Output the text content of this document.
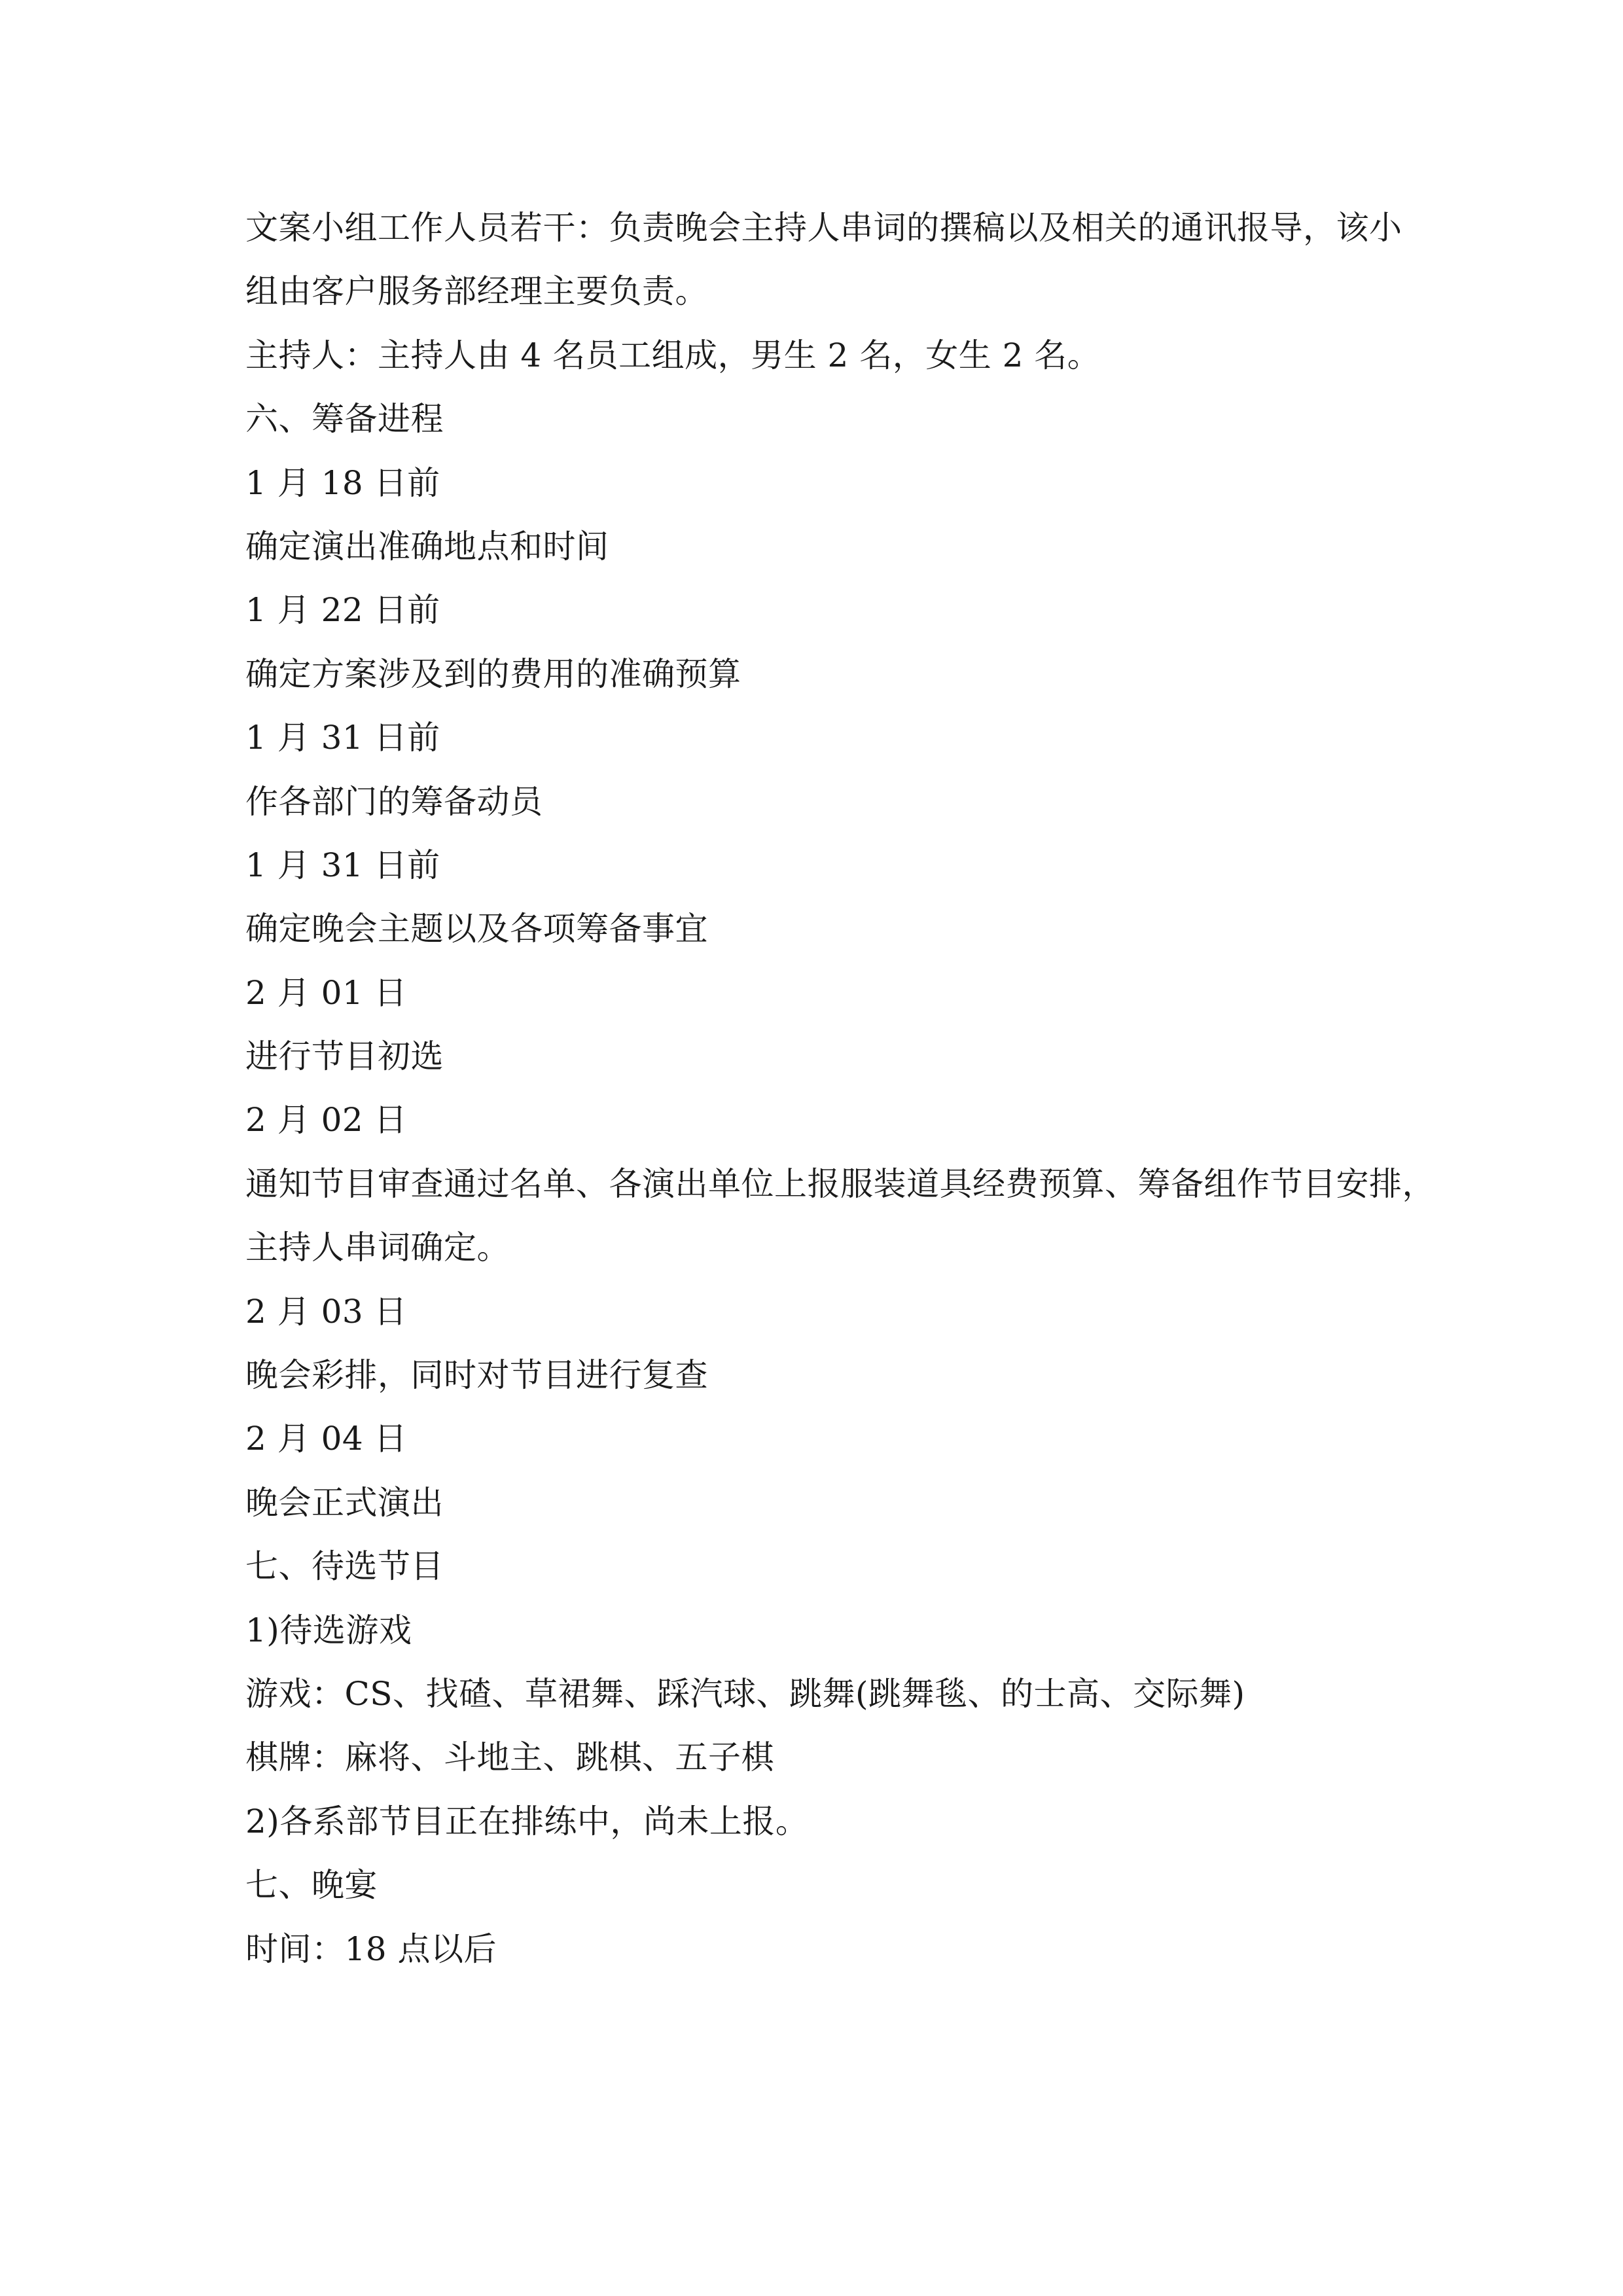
文案小组工作人员若干：负责晚会主持人串词的撰稿以及相关的通讯报导，该小
组由客户服务部经理主要负责。
主持人：主持人由 4 名员工组成，男生 2 名，女生 2 名。
六、筹备进程
1 月 18 日前
确定演出准确地点和时间
1 月 22 日前
确定方案涉及到的费用的准确预算
1 月 31 日前
作各部门的筹备动员
1 月 31 日前
确定晚会主题以及各项筹备事宜
2 月 01 日
进行节目初选
2 月 02 日
通知节目审查通过名单、各演出单位上报服装道具经费预算、筹备组作节目安排，
主持人串词确定。
2 月 03 日
晚会彩排，同时对节目进行复查
2 月 04 日
晚会正式演出
七、待选节目
1)待选游戏
游戏：CS、找碴、草裙舞、踩汽球、跳舞(跳舞毯、的士高、交际舞)
棋牌：麻将、斗地主、跳棋、五子棋
2)各系部节目正在排练中，尚未上报。
七、晚宴
时间：18 点以后
